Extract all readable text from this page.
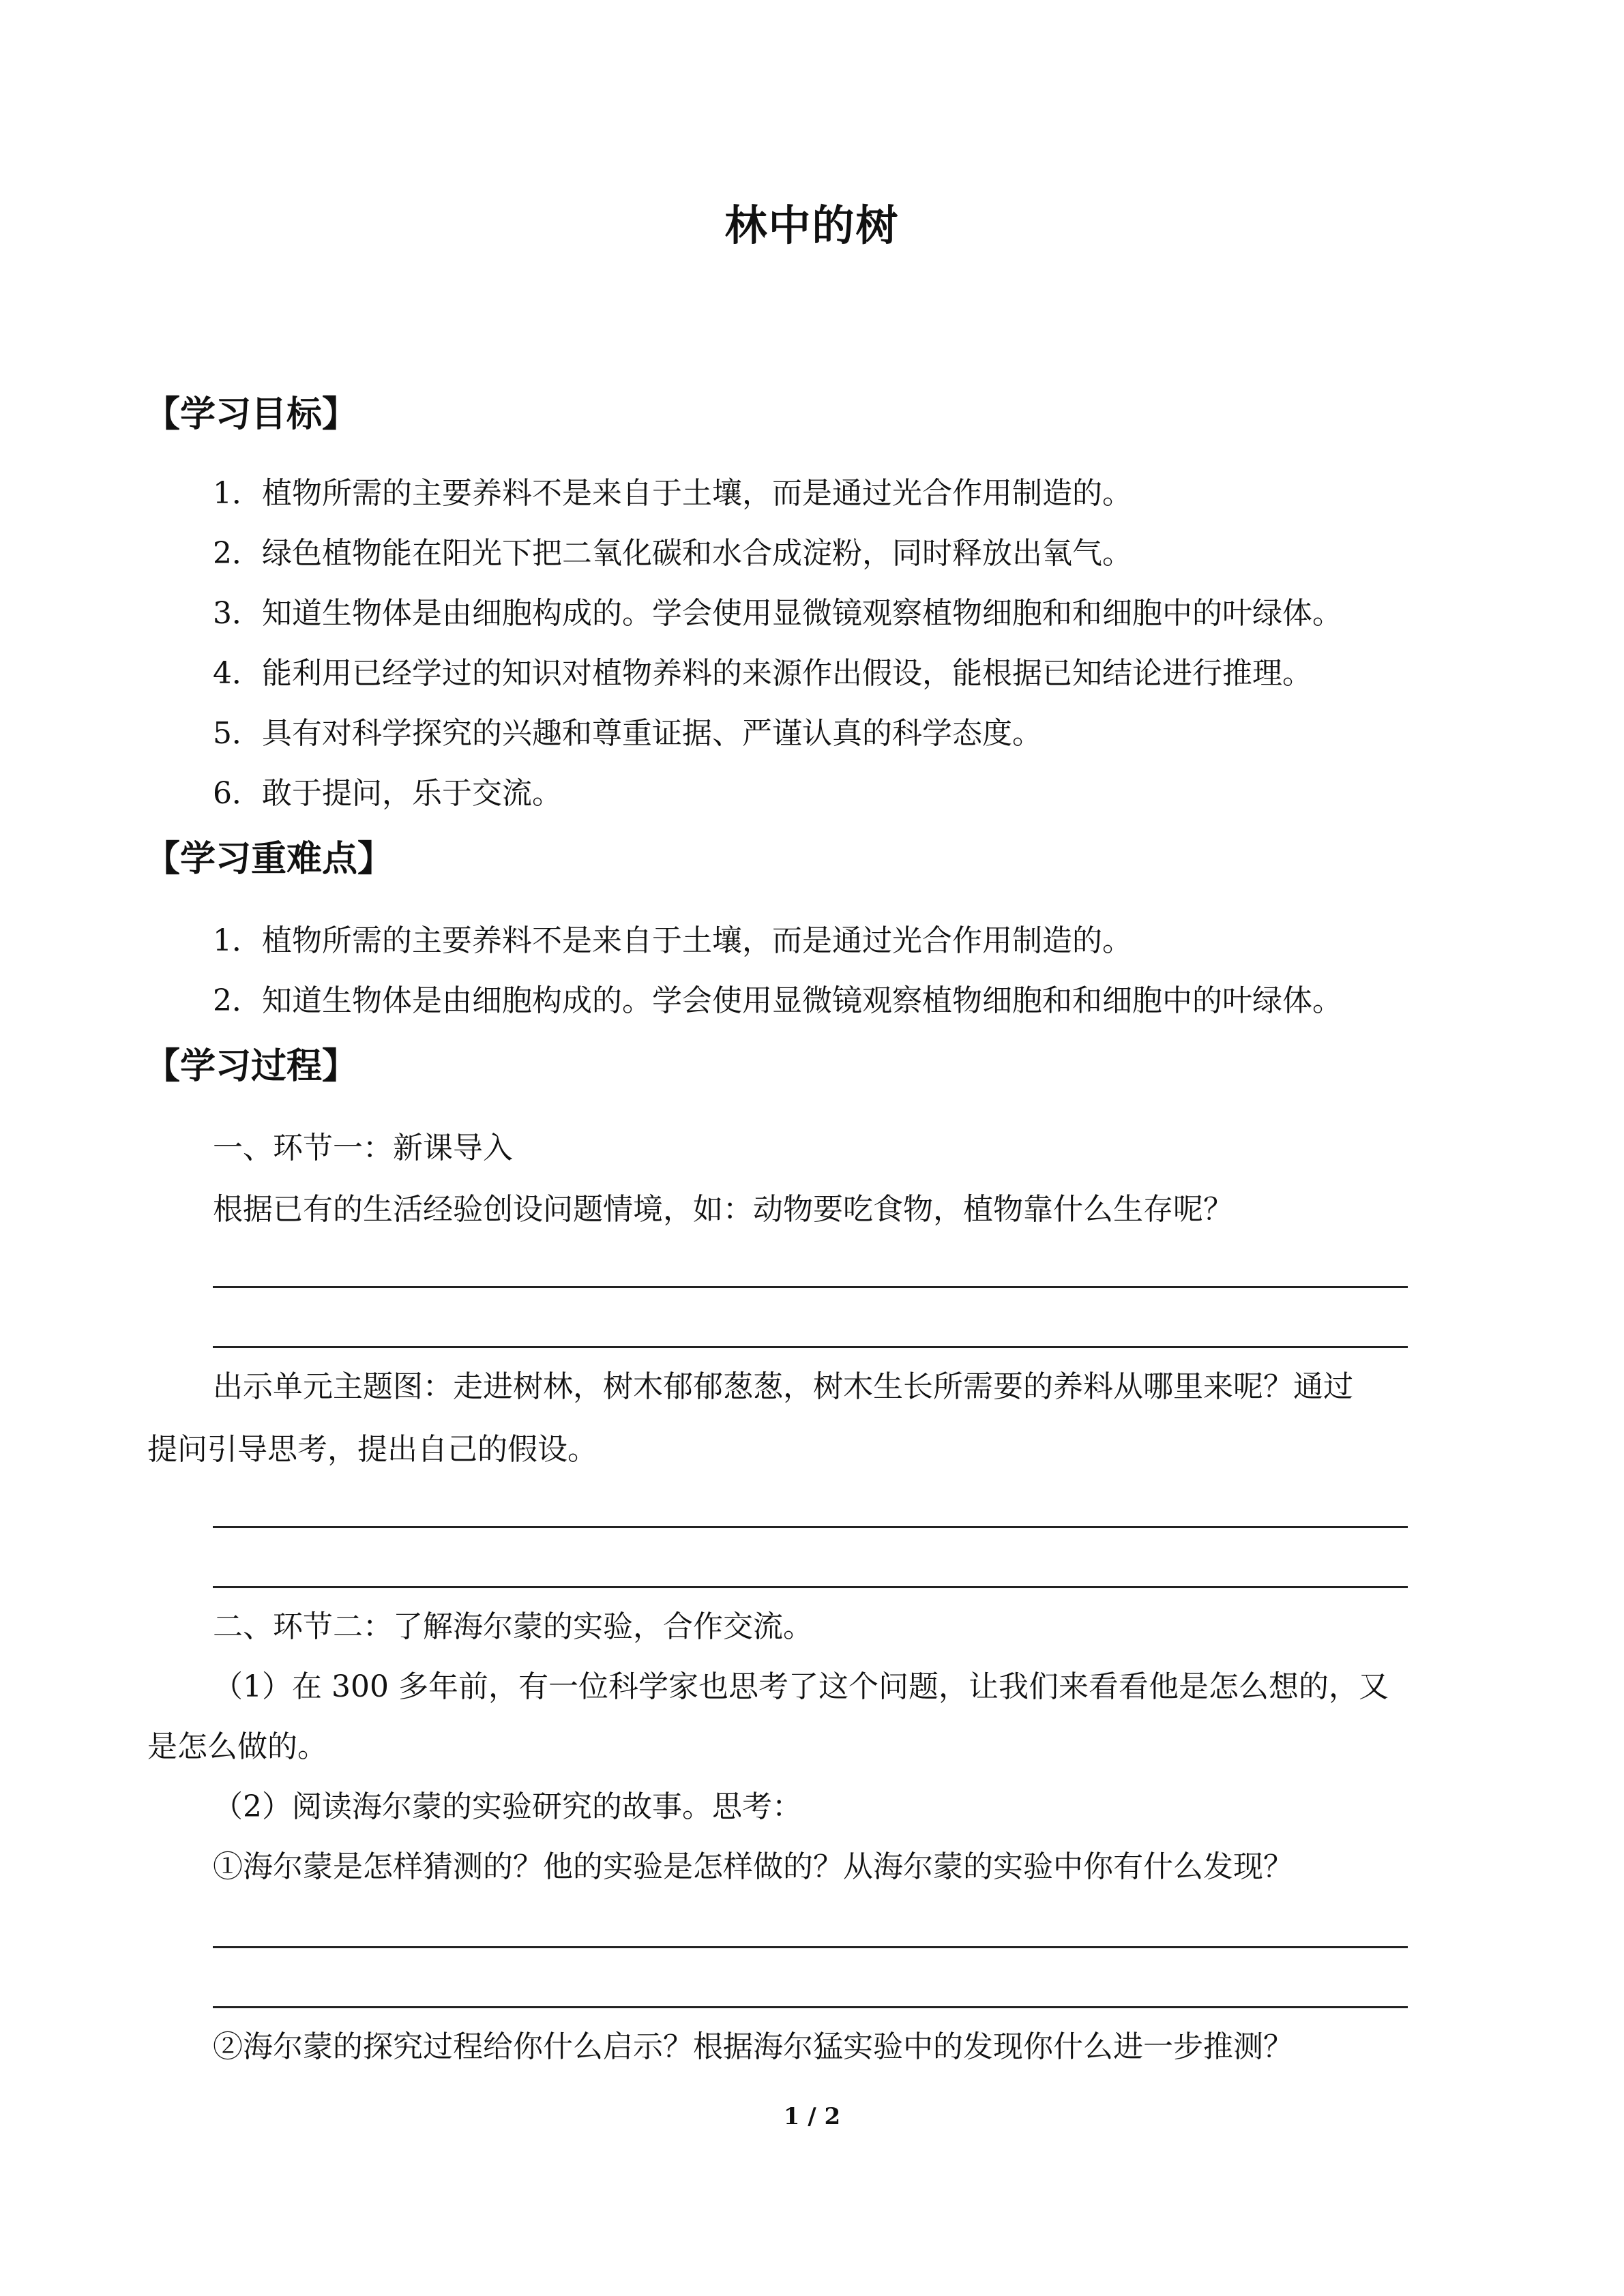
林中的树
【学习目标】
1．植物所需的主要养料不是来自于土壤，而是通过光合作用制造的。
2．绿色植物能在阳光下把二氧化碳和水合成淀粉，同时释放出氧气。
3．知道生物体是由细胞构成的。学会使用显微镜观察植物细胞和和细胞中的叶绿体。
4．能利用已经学过的知识对植物养料的来源作出假设，能根据已知结论进行推理。
5．具有对科学探究的兴趣和尊重证据、严谨认真的科学态度。
6．敢于提问，乐于交流。
【学习重难点】
1．植物所需的主要养料不是来自于土壤，而是通过光合作用制造的。
2．知道生物体是由细胞构成的。学会使用显微镜观察植物细胞和和细胞中的叶绿体。
【学习过程】
一、环节一：新课导入
根据已有的生活经验创设问题情境，如：动物要吃食物，植物靠什么生存呢？
出示单元主题图：走进树林，树木郁郁葱葱，树木生长所需要的养料从哪里来呢？通过
提问引导思考，提出自己的假设。
二、环节二：了解海尔蒙的实验，合作交流。
（1）在 300 多年前，有一位科学家也思考了这个问题，让我们来看看他是怎么想的，又
是怎么做的。
（2）阅读海尔蒙的实验研究的故事。思考：
①海尔蒙是怎样猜测的？他的实验是怎样做的？从海尔蒙的实验中你有什么发现？
②海尔蒙的探究过程给你什么启示？根据海尔猛实验中的发现你什么进一步推测？
1 / 2
